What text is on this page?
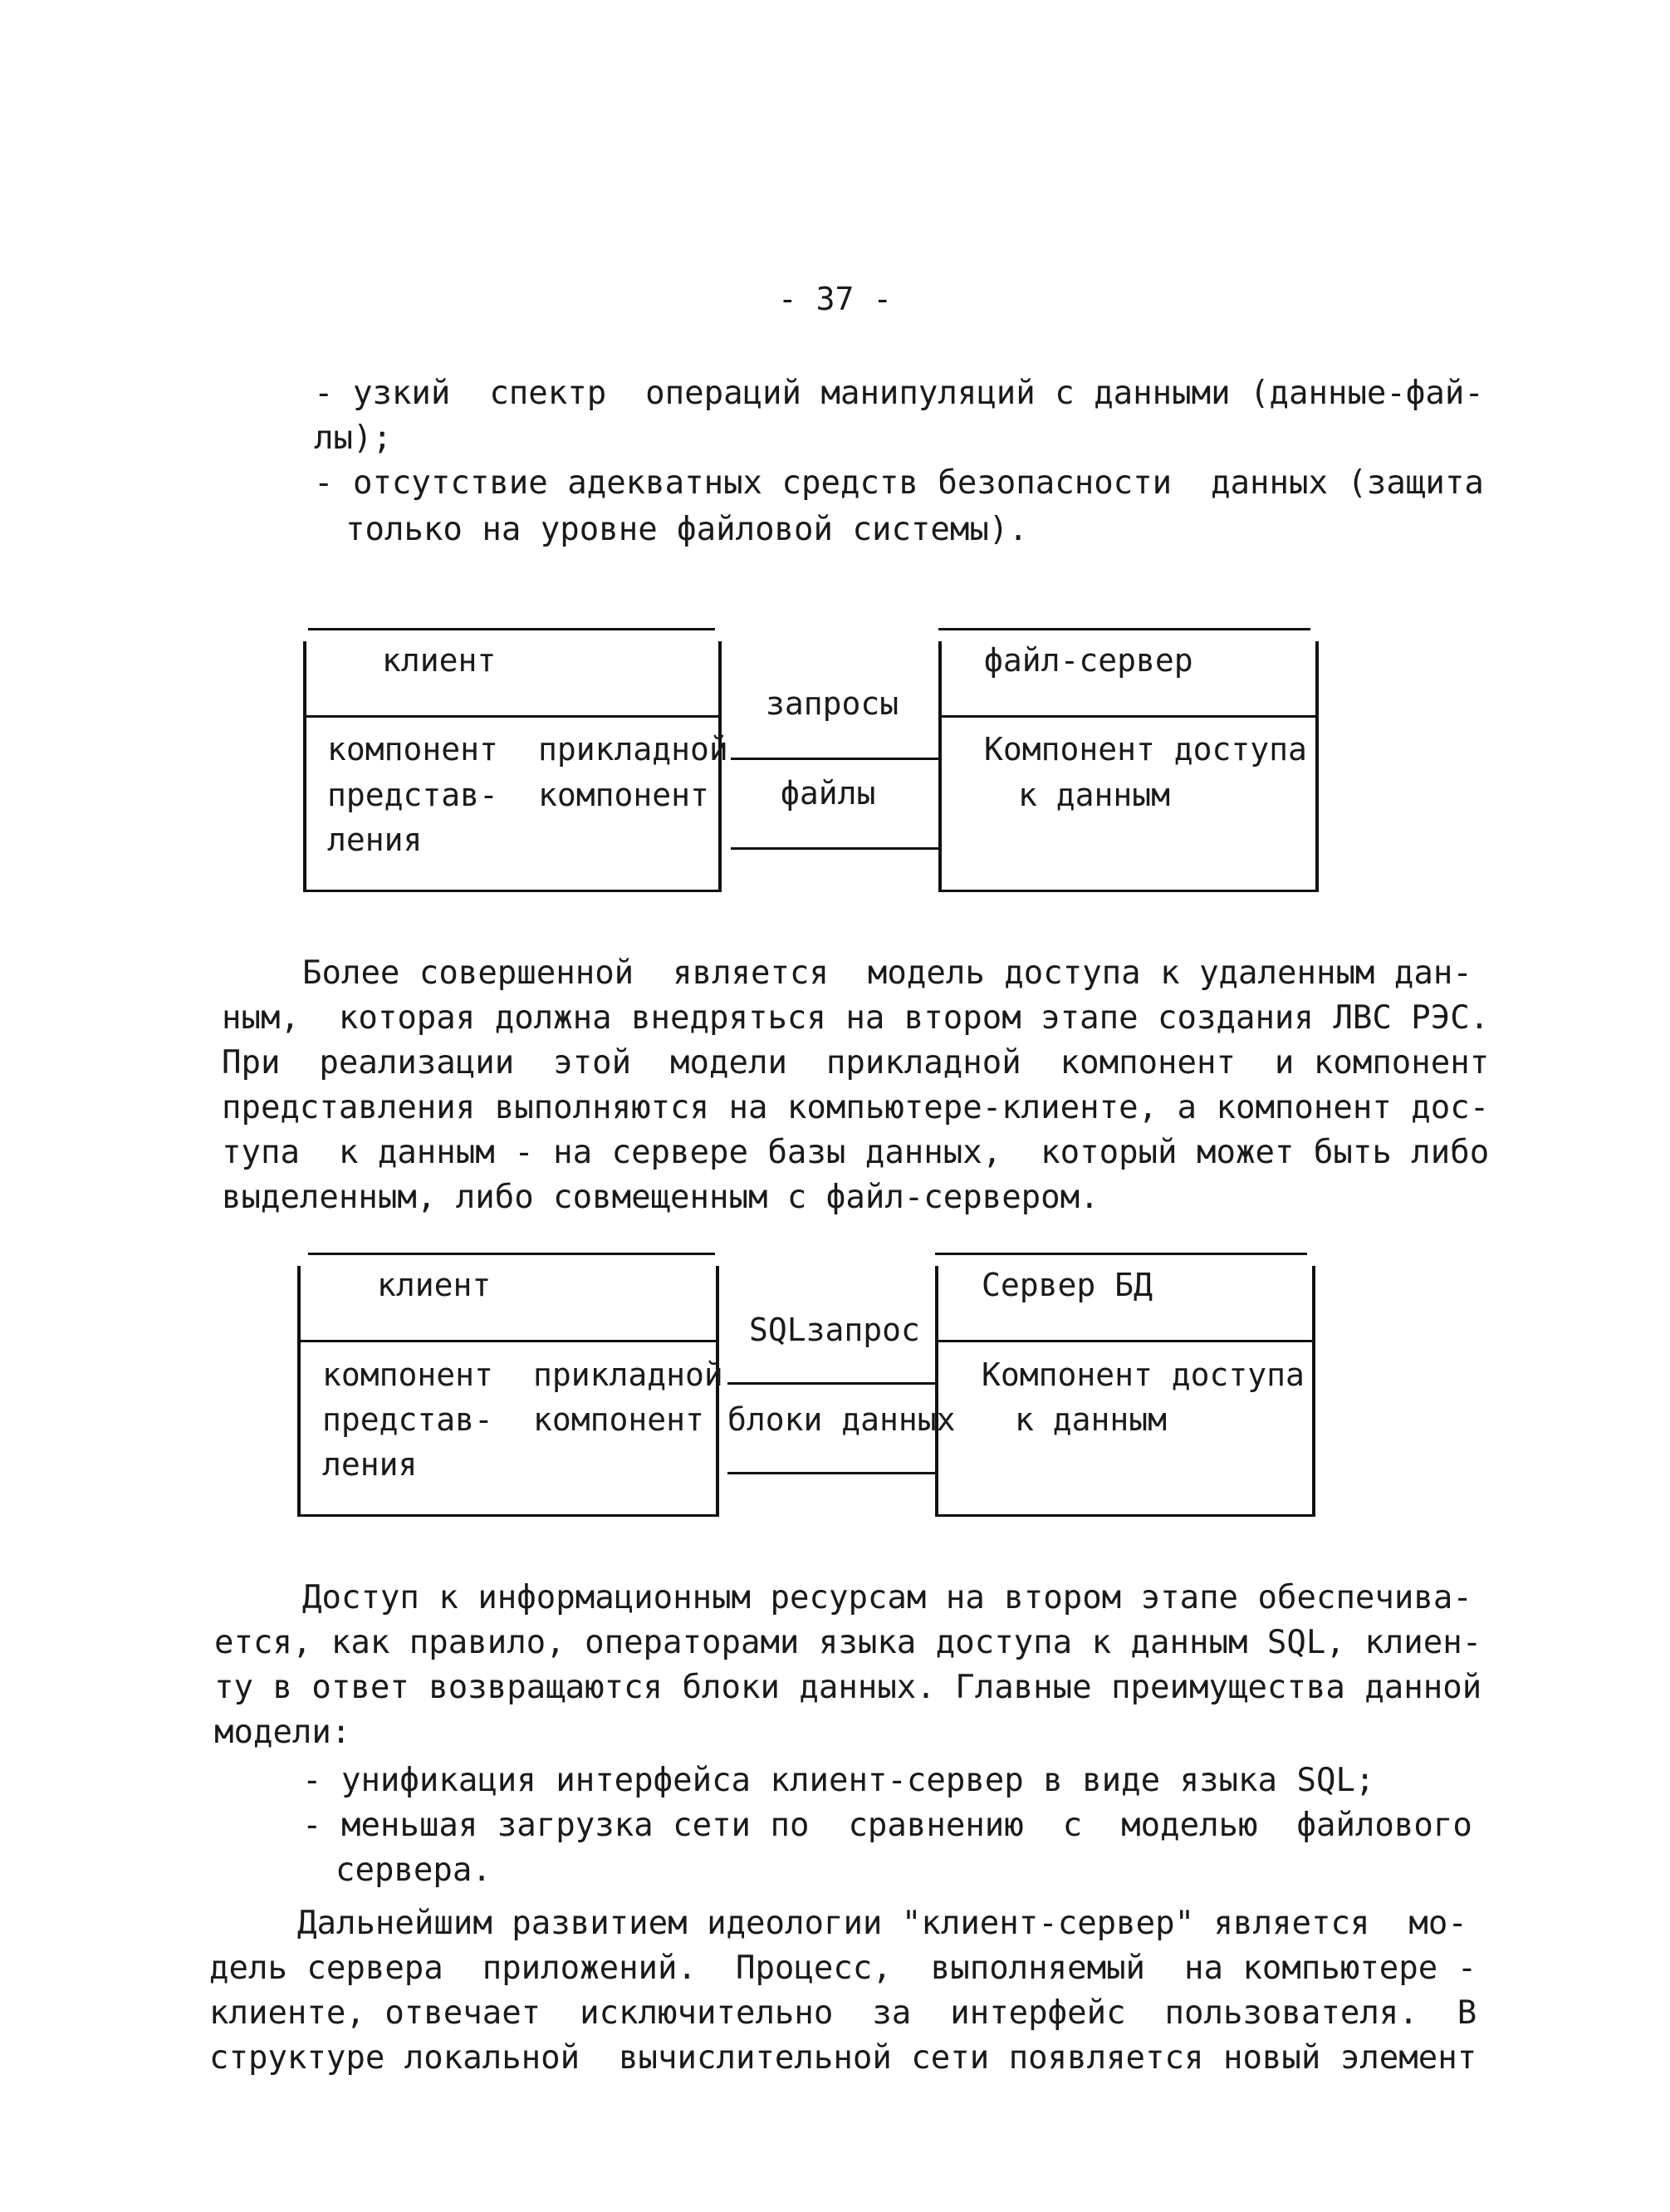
- 37 -
- узкий  спектр  операций манипуляций с данными (данные-фай-
лы);
- отсутствие адекватных средств безопасности  данных (защита
только на уровне файловой системы).
клиент
компонент
представ-
ления
прикладной
компонент
запросы
файлы
файл-сервер
Компонент доступа
к данным
Более совершенной  является  модель доступа к удаленным дан-
ным,  которая должна внедряться на втором этапе создания ЛВС РЭС.
При  реализации  этой  модели  прикладной  компонент  и компонент
представления выполняются на компьютере-клиенте, а компонент дос-
тупа  к данным - на сервере базы данных,  который может быть либо
выделенным, либо совмещенным с файл-сервером.
клиент
компонент
представ-
ления
прикладной
компонент
SQLзапрос
блоки данных
Сервер БД
Компонент доступа
к данным
Доступ к информационным ресурсам на втором этапе обеспечива-
ется, как правило, операторами языка доступа к данным SQL, клиен-
ту в ответ возвращаются блоки данных. Главные преимущества данной
модели:
- унификация интерфейса клиент-сервер в виде языка SQL;
- меньшая загрузка сети по  сравнению  с  моделью  файлового
сервера.
Дальнейшим развитием идеологии "клиент-сервер" является  мо-
дель сервера  приложений.  Процесс,  выполняемый  на компьютере -
клиенте, отвечает  исключительно  за  интерфейс  пользователя.  В
структуре локальной  вычислительной сети появляется новый элемент
